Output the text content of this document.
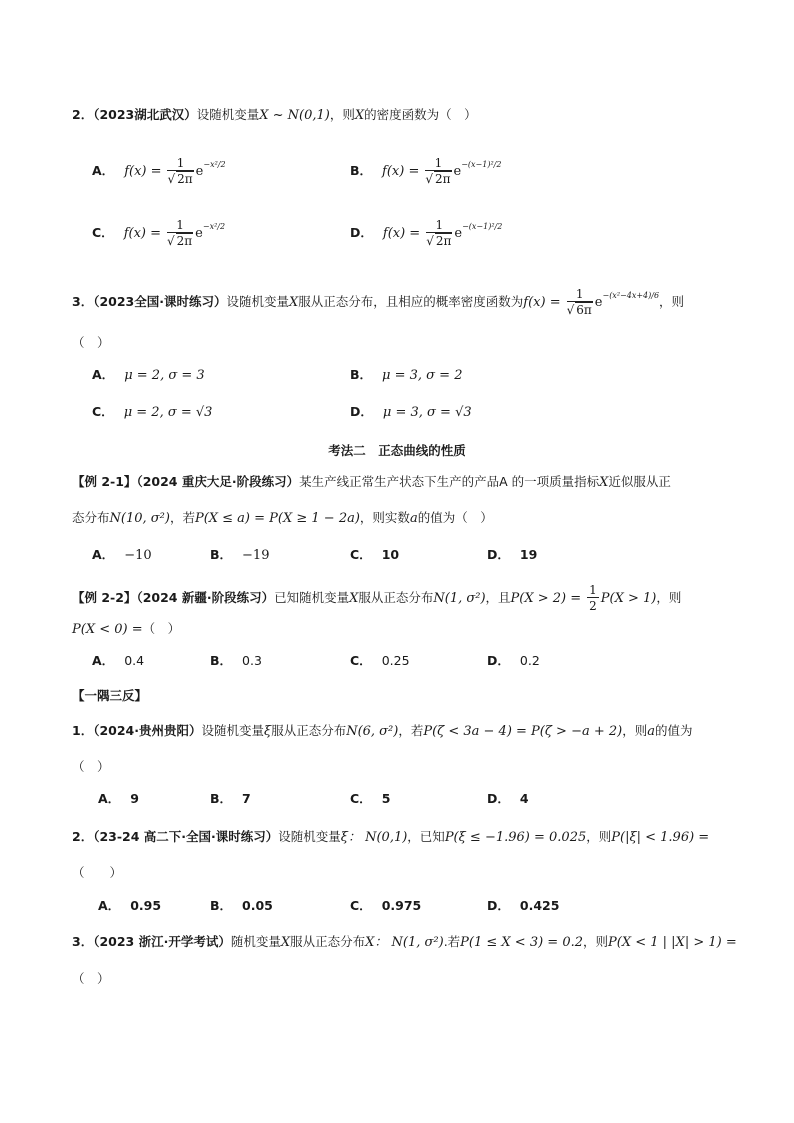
2．（2023湖北武汉）设随机变量X ~ N(0,1)，则X的密度函数为（　）
A． $f(x) = \frac{1}{√ 2\pi} e^{-x^2/2}$	B． $f(x) = \frac{1}{√ 2\pi} e^{-(x-1)^2/2}$
C． $f(x) = \frac{1}{√ 2\pi} e^{-x^2/2}$	D． $f(x) = \frac{1}{√ 2\pi} e^{-(x-1)^2/2}$
3．（2023全国·课时练习）设随机变量X服从正态分布，且相应的概率密度函数为$f(x) = \frac{1}{√ 6\pi} e^{-(x^2-4x+4)/6}$，则
（　）
A． μ = 2, σ = 3	B． μ = 3, σ = 2
C． μ = 2, σ = √3	D． μ = 3, σ = √3
考法二　正态曲线的性质
【例 2-1】（2024 重庆大足·阶段练习）某生产线正常生产状态下生产的产品A 的一项质量指标X近似服从正
态分布N(10, σ²)，若P(X ≤ a) = P(X ≥ 1 − 2a)，则实数a的值为（　）
A． −10	B． −19	C． 10	D． 19
【例 2-2】（2024 新疆·阶段练习）已知随机变量X服从正态分布N(1, σ²)，且$P(X > 2) = \frac{1}{2} P(X > 1)$，则
P(X < 0) =（　）
A． 0.4	B． 0.3	C． 0.25	D． 0.2
【一隅三反】
1．（2024·贵州贵阳）设随机变量ξ服从正态分布N(6, σ²)，若P(ζ < 3a − 4) = P(ζ > −a + 2)，则a的值为
（　）
A． 9	B． 7	C． 5	D． 4
2．（23-24 高二下·全国·课时练习）设随机变量ξ： N(0,1)，已知P(ξ ≤ −1.96) = 0.025，则P(|ξ| < 1.96) =
（　　）
A． 0.95	B． 0.05	C． 0.975	D． 0.425
3．（2023 浙江·开学考试）随机变量X服从正态分布X： N(1, σ²).若P(1 ≤ X < 3) = 0.2，则P(X < 1 | |X| > 1) =
（　）
